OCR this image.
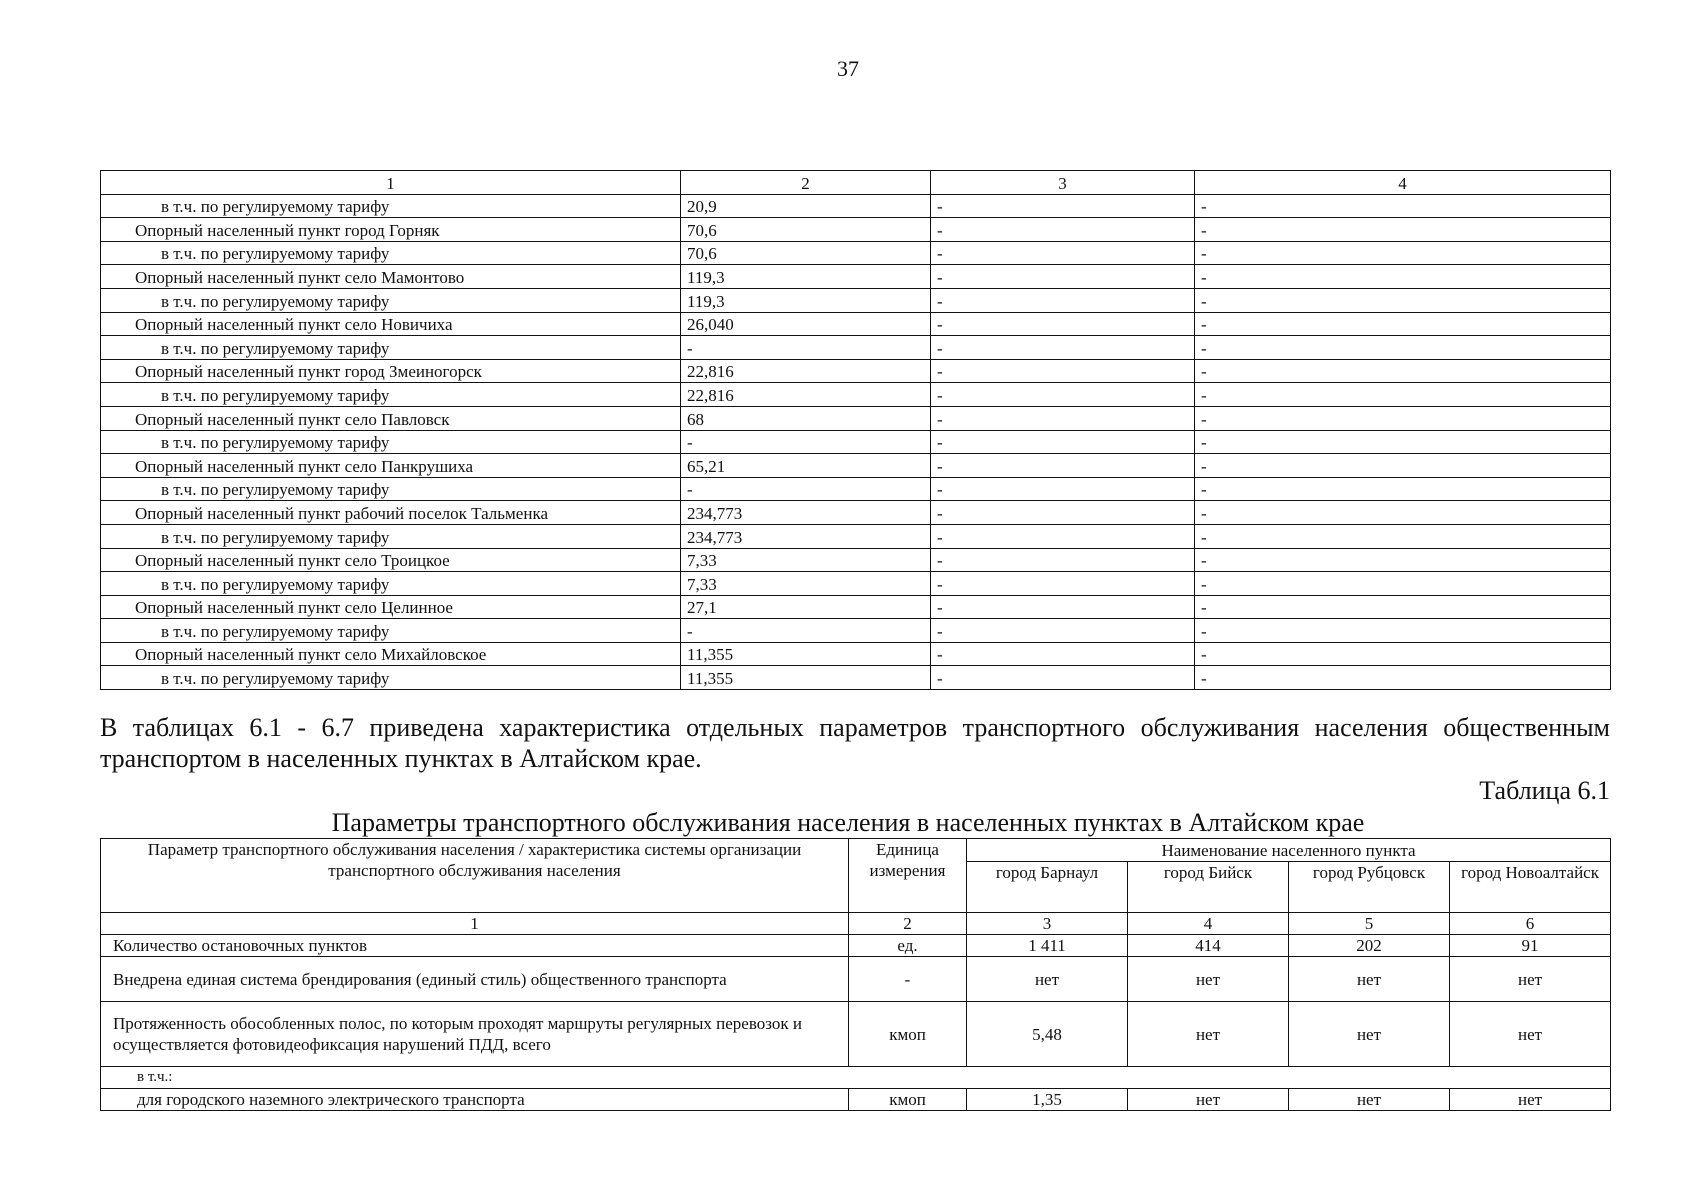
37
1	2	3	4
в т.ч. по регулируемому тарифу	20,9	-	-
Опорный населенный пункт город Горняк	70,6	-	-
в т.ч. по регулируемому тарифу	70,6	-	-
Опорный населенный пункт село Мамонтово	119,3	-	-
в т.ч. по регулируемому тарифу	119,3	-	-
Опорный населенный пункт село Новичиха	26,040	-	-
в т.ч. по регулируемому тарифу	-	-	-
Опорный населенный пункт город Змеиногорск	22,816	-	-
в т.ч. по регулируемому тарифу	22,816	-	-
Опорный населенный пункт село Павловск	68	-	-
в т.ч. по регулируемому тарифу	-	-	-
Опорный населенный пункт село Панкрушиха	65,21	-	-
в т.ч. по регулируемому тарифу	-	-	-
Опорный населенный пункт рабочий поселок Тальменка	234,773	-	-
в т.ч. по регулируемому тарифу	234,773	-	-
Опорный населенный пункт село Троицкое	7,33	-	-
в т.ч. по регулируемому тарифу	7,33	-	-
Опорный населенный пункт село Целинное	27,1	-	-
в т.ч. по регулируемому тарифу	-	-	-
Опорный населенный пункт село Михайловское	11,355	-	-
в т.ч. по регулируемому тарифу	11,355	-	-

В таблицах 6.1 - 6.7 приведена характеристика отдельных параметров транспортного обслуживания населения общественным транспортом в населенных пунктах в Алтайском крае.

Таблица 6.1
Параметры транспортного обслуживания населения в населенных пунктах в Алтайском крае
Параметр транспортного обслуживания населения / характеристика системы организации транспортного обслуживания населения	Единица измерения	Наименование населенного пункта			
		город Барнаул	город Бийск	город Рубцовск	город Новоалтайск
1	2	3	4	5	6
Количество остановочных пунктов	ед.	1 411	414	202	91
Внедрена единая система брендирования (единый стиль) общественного транспорта	-	нет	нет	нет	нет
Протяженность обособленных полос, по которым проходят маршруты регулярных перевозок и осуществляется фотовидеофиксация нарушений ПДД, всего	кмоп	5,48	нет	нет	нет
в т.ч.:					
для городского наземного электрического транспорта	кмоп	1,35	нет	нет	нет
